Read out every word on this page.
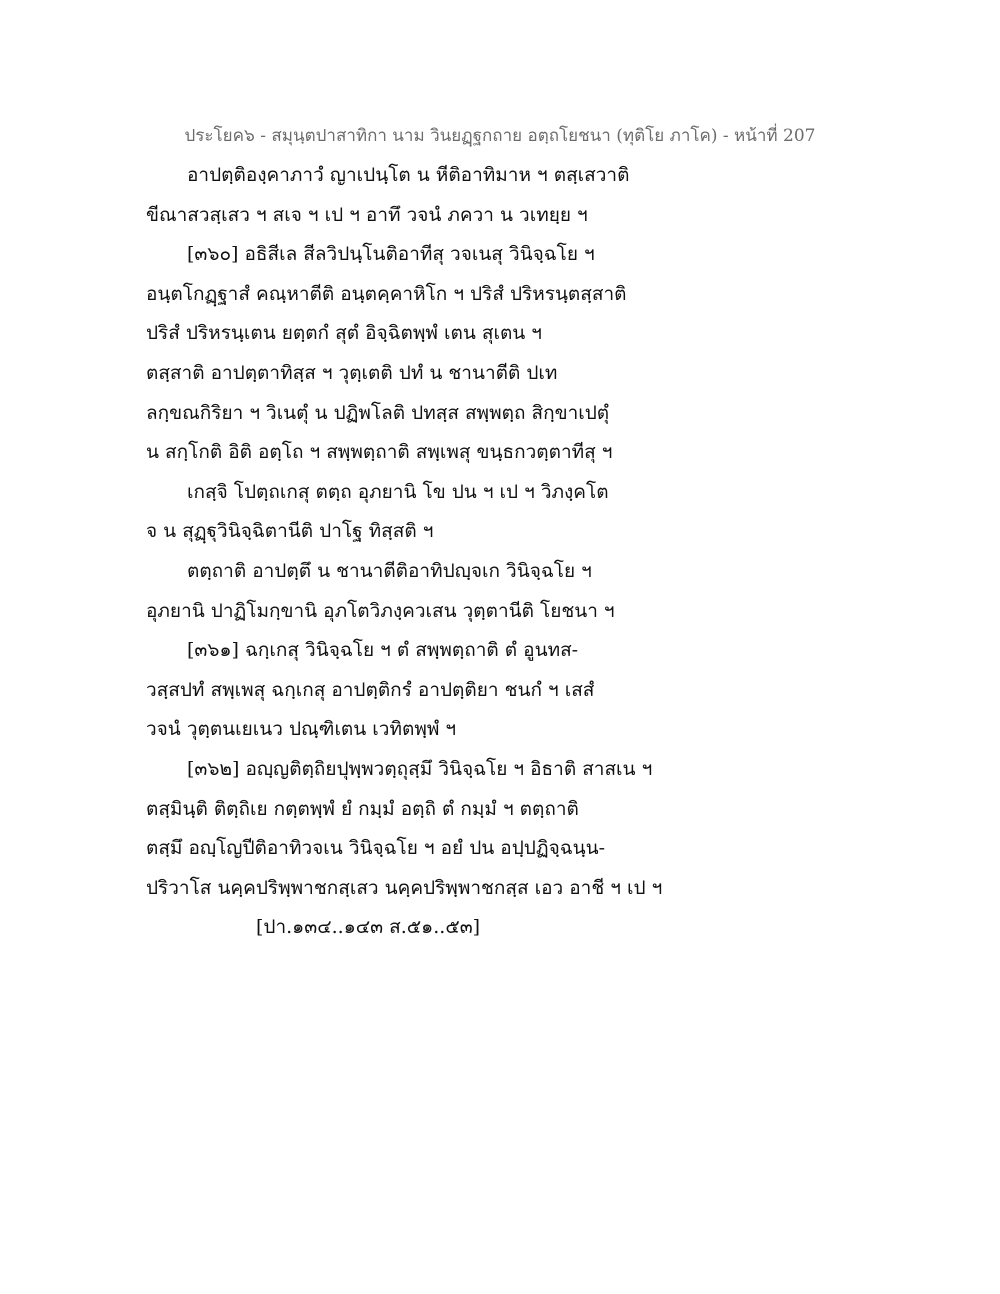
ประโยค๖ - สมุนฺตปาสาทิกา นาม วินยฏฺฐกถาย อตฺถโยชนา (ทุติโย ภาโค) - หน้าที่ 207
อาปตฺติองฺคาภาวํ ญาเปนฺโต น หีติอาทิมาห ฯ ตสฺเสวาติ
ขีณาสวสฺเสว ฯ สเจ ฯ เป ฯ อาทึ วจนํ ภควา น วเทยฺย ฯ
[๓๖๐] อธิสีเล สีลวิปนฺโนติอาทีสุ วจเนสุ วินิจฺฉโย ฯ
อนฺตโกฏฺฐาสํ คณฺหาตีติ อนฺตคฺคาหิโก ฯ ปริสํ ปริหรนฺตสฺสาติ
ปริสํ ปริหรนฺเตน ยตฺตกํ สุตํ อิจฺฉิตพฺพํ เตน สุเตน ฯ
ตสฺสาติ อาปตฺตาทิสฺส ฯ วุตฺเตติ ปทํ น ชานาตีติ ปเท
ลกฺขณกิริยา ฯ วิเนตุํ น ปฏิพโลติ ปทสฺส สพฺพตฺถ สิกฺขาเปตุํ
น สกฺโกติ อิติ อตฺโถ ฯ สพฺพตฺถาติ สพฺเพสุ ขนฺธกวตฺตาทีสุ ฯ
เกสฺจิ โปตฺถเกสุ ตตฺถ อุภยานิ โข ปน ฯ เป ฯ วิภงฺคโต
จ น สุฏฺฐุวินิจฺฉิตานีติ ปาโฐ ทิสฺสติ ฯ
ตตฺถาติ อาปตฺตึ น ชานาตีติอาทิปญฺจเก วินิจฺฉโย ฯ
อุภยานิ ปาฏิโมกฺขานิ อุภโตวิภงฺควเสน วุตฺตานีติ โยชนา ฯ
[๓๖๑] ฉกฺเกสุ วินิจฺฉโย ฯ ตํ สพฺพตฺถาติ ตํ อูนทส-
วสฺสปทํ สพฺเพสุ ฉกฺเกสุ อาปตฺติกรํ อาปตฺติยา ชนกํ ฯ เสสํ
วจนํ วุตฺตนเยเนว ปณฺฑิเตน เวทิตพฺพํ ฯ
[๓๖๒] อญฺญติตฺถิยปุพฺพวตฺถุสฺมึ วินิจฺฉโย ฯ อิธาติ สาสเน ฯ
ตสฺมินฺติ ติตฺถิเย กตฺตพฺพํ ยํ กมฺมํ อตฺถิ ตํ กมฺมํ ฯ ตตฺถาติ
ตสฺมึ อญฺโญปีติอาทิวจเน วินิจฺฉโย ฯ อยํ ปน อปฺปฏิจฺฉนฺน-
ปริวาโส นคฺคปริพฺพาชกสฺเสว นคฺคปริพฺพาชกสฺส เอว อาชี ฯ เป ฯ
[ปา.๑๓๔..๑๔๓ ส.๕๑..๕๓]
